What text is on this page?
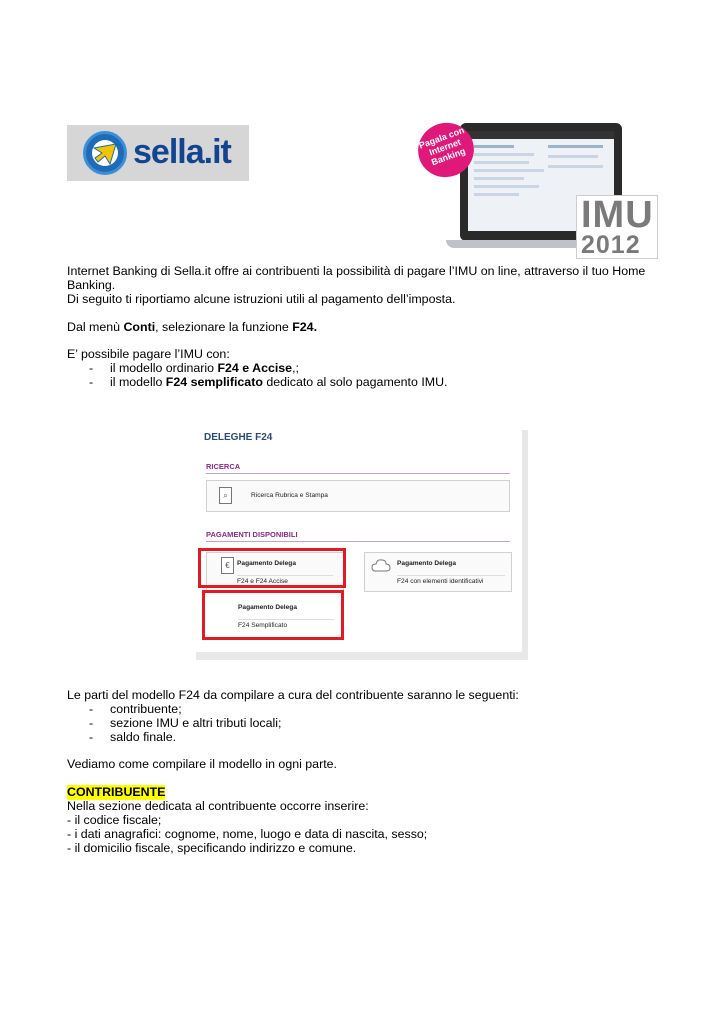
sella.it	Pagala con Internet Banking
IMU
2012
Internet Banking di Sella.it offre ai contribuenti la possibilità di pagare l’IMU on line, attraverso il tuo Home
Banking.
Di seguito ti riportiamo alcune istruzioni utili al pagamento dell’imposta.
Dal menù Conti, selezionare la funzione F24.
E’ possibile pagare l’IMU con:
- il modello ordinario F24 e Accise,;
- il modello F24 semplificato dedicato al solo pagamento IMU.
DELEGHE F24
RICERCA
⌕	Ricerca Rubrica e Stampa
PAGAMENTI DISPONIBILI
€	Pagamento Delega
F24 e F24 Accise
Pagamento Delega
F24 con elementi identificativi
Pagamento Delega
F24 Semplificato
Le parti del modello F24 da compilare a cura del contribuente saranno le seguenti:
- contribuente;
- sezione IMU e altri tributi locali;
- saldo finale.
Vediamo come compilare il modello in ogni parte.
CONTRIBUENTE
Nella sezione dedicata al contribuente occorre inserire:
- il codice fiscale;
- i dati anagrafici: cognome, nome, luogo e data di nascita, sesso;
- il domicilio fiscale, specificando indirizzo e comune.
